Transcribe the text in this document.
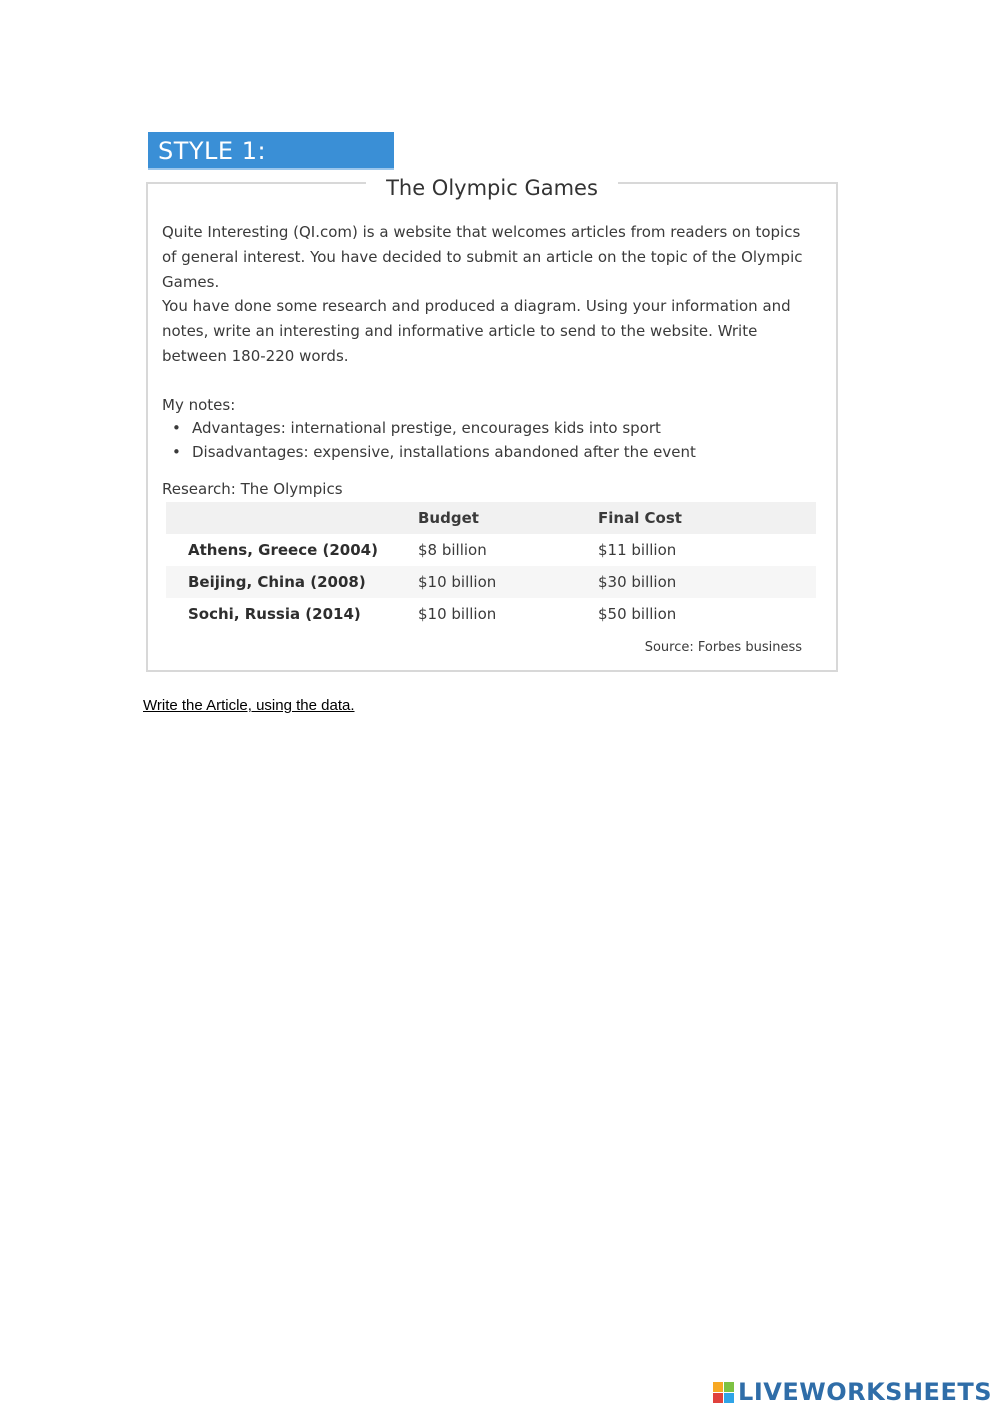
STYLE 1:
The Olympic Games
Quite Interesting (QI.com) is a website that welcomes articles from readers on topics of general interest. You have decided to submit an article on the topic of the Olympic Games.
You have done some research and produced a diagram. Using your information and notes, write an interesting and informative article to send to the website. Write between 180-220 words.
My notes:
• Advantages: international prestige, encourages kids into sport
• Disadvantages: expensive, installations abandoned after the event
Research: The Olympics
	Budget	Final Cost
Athens, Greece (2004)	$8 billion	$11 billion
Beijing, China (2008)	$10 billion	$30 billion
Sochi, Russia (2014)	$10 billion	$50 billion
Source: Forbes business
Write the Article, using the data.
LIVEWORKSHEETS
